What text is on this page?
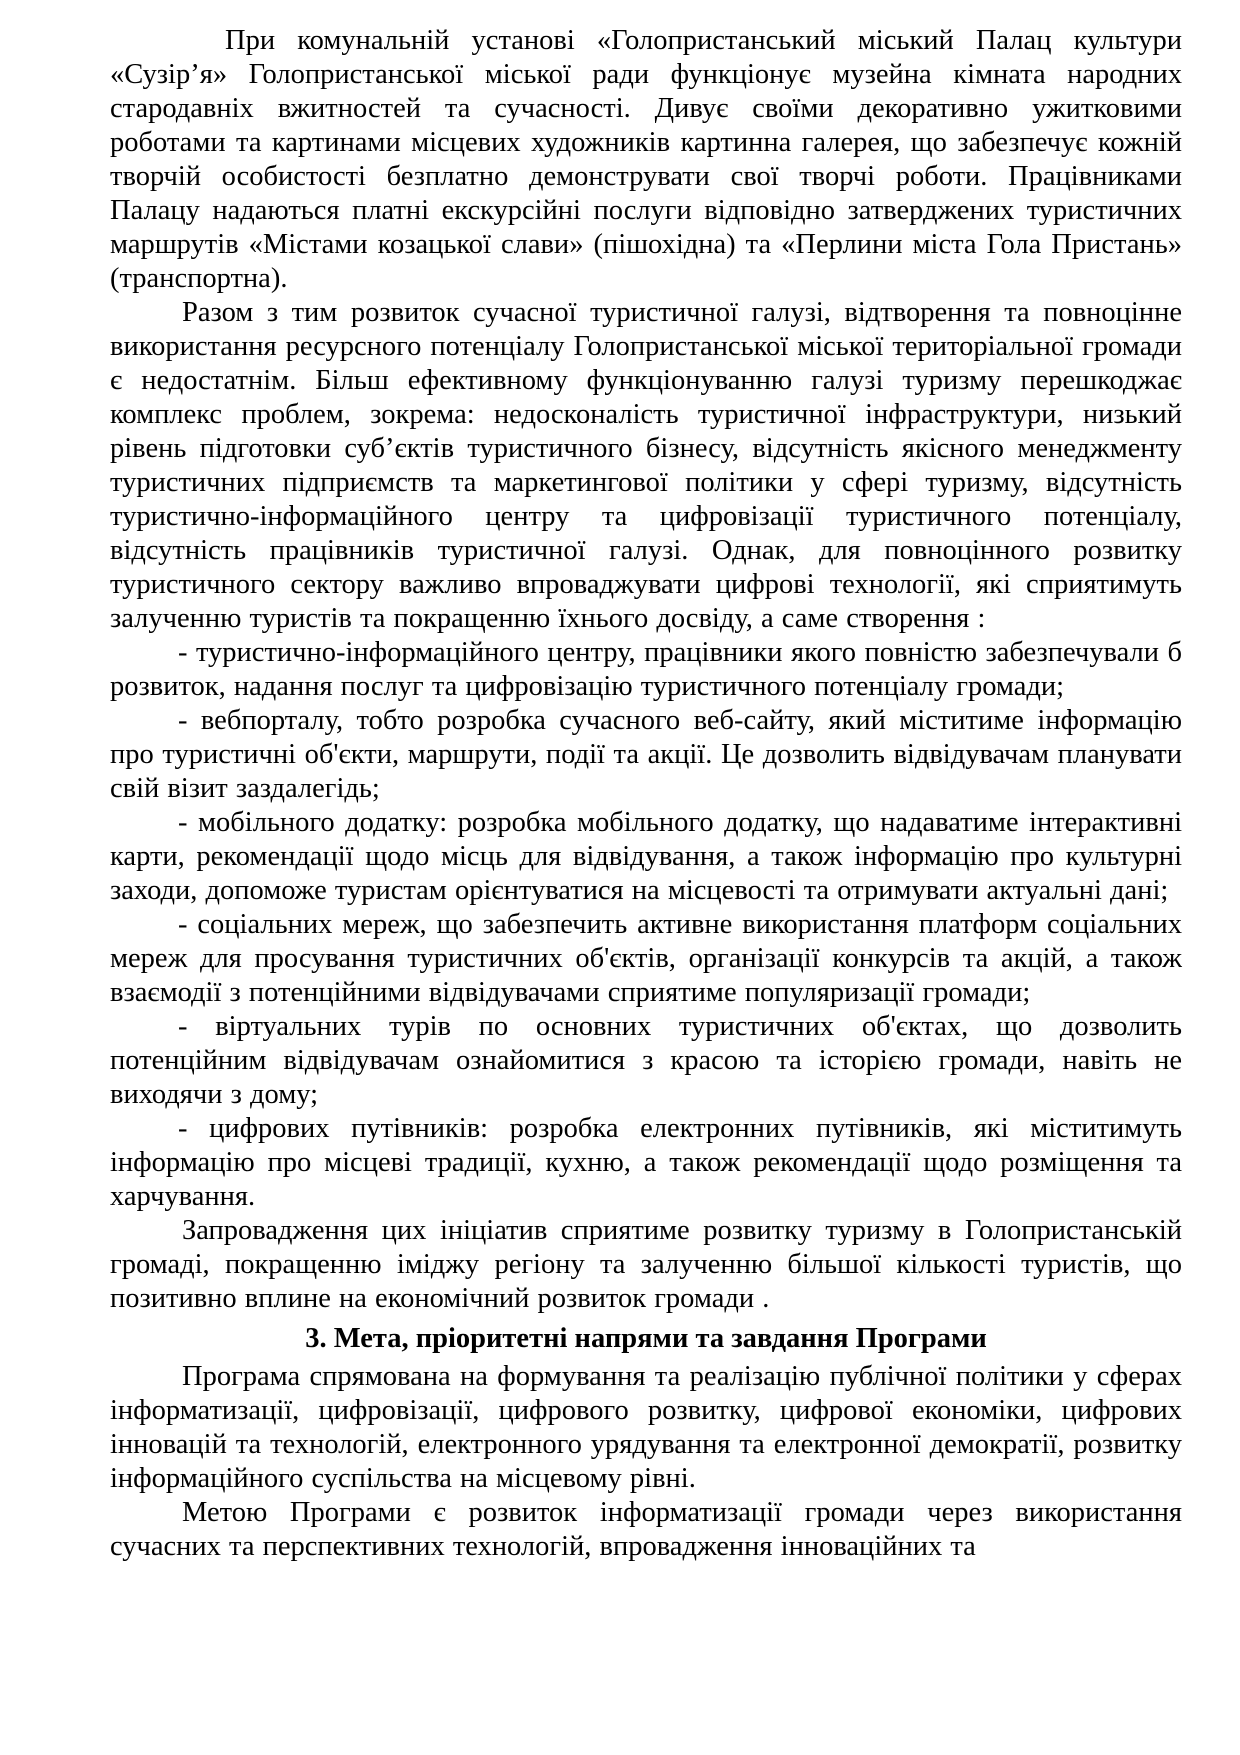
При комунальній установі «Голопристанський міський Палац культури «Сузір’я» Голопристанської міської ради функціонує музейна кімната народних стародавніх вжитностей та сучасності. Дивує своїми декоративно ужитковими роботами та картинами місцевих художників картинна галерея, що забезпечує кожній творчій особистості безплатно демонструвати свої творчі роботи. Працівниками Палацу надаються платні екскурсійні послуги відповідно затверджених туристичних маршрутів «Містами козацької слави» (пішохідна) та «Перлини міста Гола Пристань» (транспортна).

Разом з тим розвиток сучасної туристичної галузі, відтворення та повноцінне використання ресурсного потенціалу Голопристанської міської територіальної громади є недостатнім. Більш ефективному функціонуванню галузі туризму перешкоджає комплекс проблем, зокрема: недосконалість туристичної інфраструктури, низький рівень підготовки суб’єктів туристичного бізнесу, відсутність якісного менеджменту туристичних підприємств та маркетингової політики у сфері туризму, відсутність туристично-інформаційного центру та цифровізації туристичного потенціалу, відсутність працівників туристичної галузі. Однак, для повноцінного розвитку туристичного сектору важливо впроваджувати цифрові технології, які сприятимуть залученню туристів та покращенню їхнього досвіду, а саме створення :

- туристично-інформаційного центру, працівники якого повністю забезпечували б розвиток, надання послуг та цифровізацію туристичного потенціалу громади;

- вебпорталу, тобто розробка сучасного веб-сайту, який міститиме інформацію про туристичні об'єкти, маршрути, події та акції. Це дозволить відвідувачам планувати свій візит заздалегідь;

- мобільного додатку: розробка мобільного додатку, що надаватиме інтерактивні карти, рекомендації щодо місць для відвідування, а також інформацію про культурні заходи, допоможе туристам орієнтуватися на місцевості та отримувати актуальні дані;

- соціальних мереж, що забезпечить активне використання платформ соціальних мереж для просування туристичних об'єктів, організації конкурсів та акцій, а також взаємодії з потенційними відвідувачами сприятиме популяризації громади;

- віртуальних турів по основних туристичних об'єктах, що дозволить потенційним відвідувачам ознайомитися з красою та історією громади, навіть не виходячи з дому;

- цифрових путівників: розробка електронних путівників, які міститимуть інформацію про місцеві традиції, кухню, а також рекомендації щодо розміщення та харчування.

Запровадження цих ініціатив сприятиме розвитку туризму в Голопристанській громаді, покращенню іміджу регіону та залученню більшої кількості туристів, що позитивно вплине на економічний розвиток громади .

3. Мета, пріоритетні напрями та завдання Програми

Програма спрямована на формування та реалізацію публічної політики у сферах інформатизації, цифровізації, цифрового розвитку, цифрової економіки, цифрових інновацій та технологій, електронного урядування та електронної демократії, розвитку інформаційного суспільства на місцевому рівні.

Метою Програми є розвиток інформатизації громади через використання сучасних та перспективних технологій, впровадження інноваційних та
